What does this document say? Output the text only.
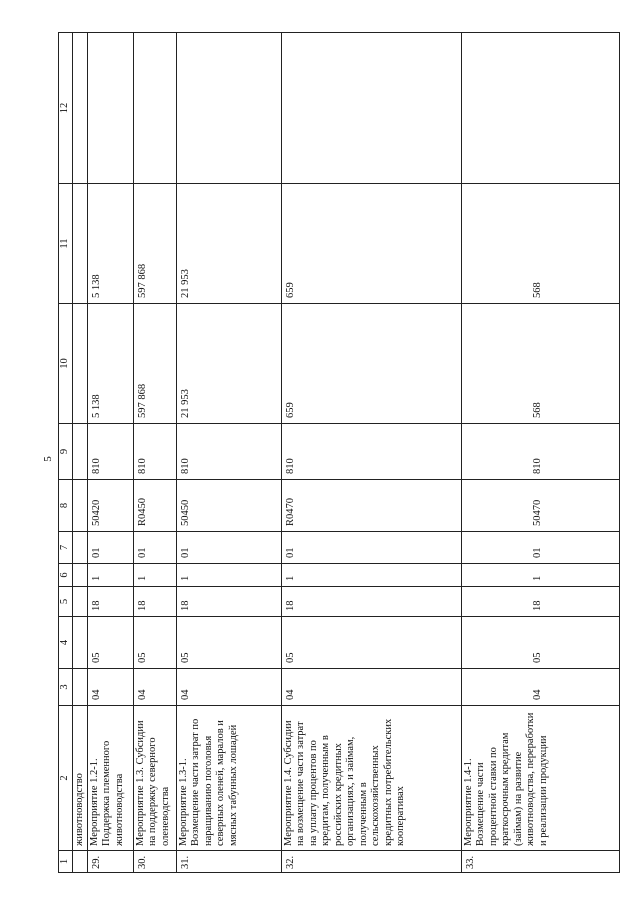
5
1	2	3	4	5	6	7	8	9	10	11	12
	животноводство										
29.	Мероприятие 1.2-1. Поддержка племенного животноводства	04	05	18	1	01	50420	810	5 138	5 138	
30.	Мероприятие 1.3. Субсидии на поддержку северного оленеводства	04	05	18	1	01	R0450	810	597 868	597 868	
31.	Мероприятие 1.3-1. Возмещение части затрат по наращиванию поголовья северных оленей, маралов и мясных табунных лошадей	04	05	18	1	01	50450	810	21 953	21 953	
32.	Мероприятие 1.4. Субсидии на возмещение части затрат на уплату процентов по кредитам, полученным в российских кредитных организациях, и займам, полученным в сельскохозяйственных кредитных потребительских кооперативах	04	05	18	1	01	R0470	810	659	659	
33.	Мероприятие 1.4-1. Возмещение части процентной ставки по краткосрочным кредитам (займам) на развитие животноводства, переработки и реализации продукции	04	05	18	1	01	50470	810	568	568	
